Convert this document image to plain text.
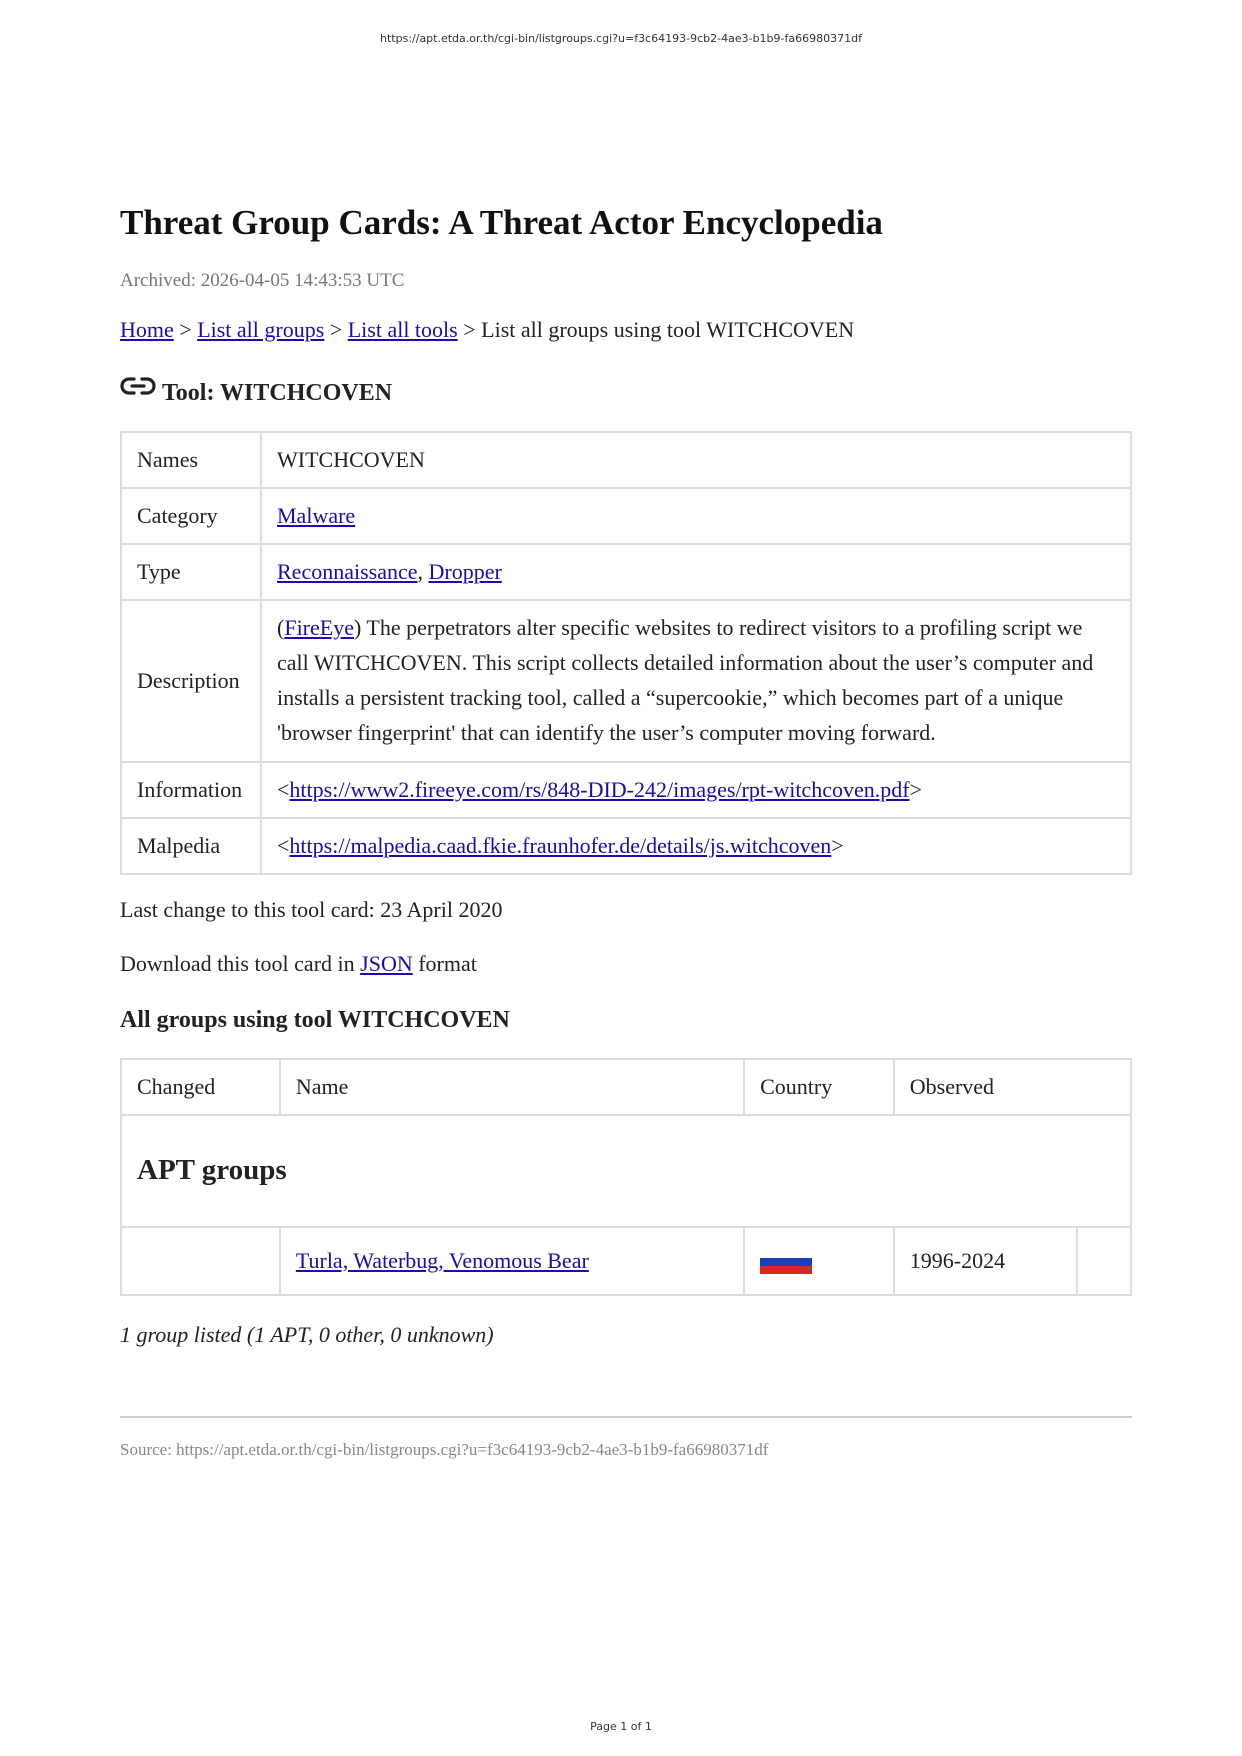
https://apt.etda.or.th/cgi-bin/listgroups.cgi?u=f3c64193-9cb2-4ae3-b1b9-fa66980371df
Threat Group Cards: A Threat Actor Encyclopedia
Archived: 2026-04-05 14:43:53 UTC
Home > List all groups > List all tools > List all groups using tool WITCHCOVEN
Tool: WITCHCOVEN
Names	WITCHCOVEN
Category	Malware
Type	Reconnaissance, Dropper
Description	(FireEye) The perpetrators alter specific websites to redirect visitors to a profiling script we call WITCHCOVEN. This script collects detailed information about the user’s computer and installs a persistent tracking tool, called a “supercookie,” which becomes part of a unique 'browser fingerprint' that can identify the user’s computer moving forward.
Information	<https://www2.fireeye.com/rs/848-DID-242/images/rpt-witchcoven.pdf>
Malpedia	<https://malpedia.caad.fkie.fraunhofer.de/details/js.witchcoven>
Last change to this tool card: 23 April 2020
Download this tool card in JSON format
All groups using tool WITCHCOVEN
Changed	Name	Country	Observed	
APT groups				
	Turla, Waterbug, Venomous Bear		1996-2024	
1 group listed (1 APT, 0 other, 0 unknown)
Source: https://apt.etda.or.th/cgi-bin/listgroups.cgi?u=f3c64193-9cb2-4ae3-b1b9-fa66980371df
Page 1 of 1
